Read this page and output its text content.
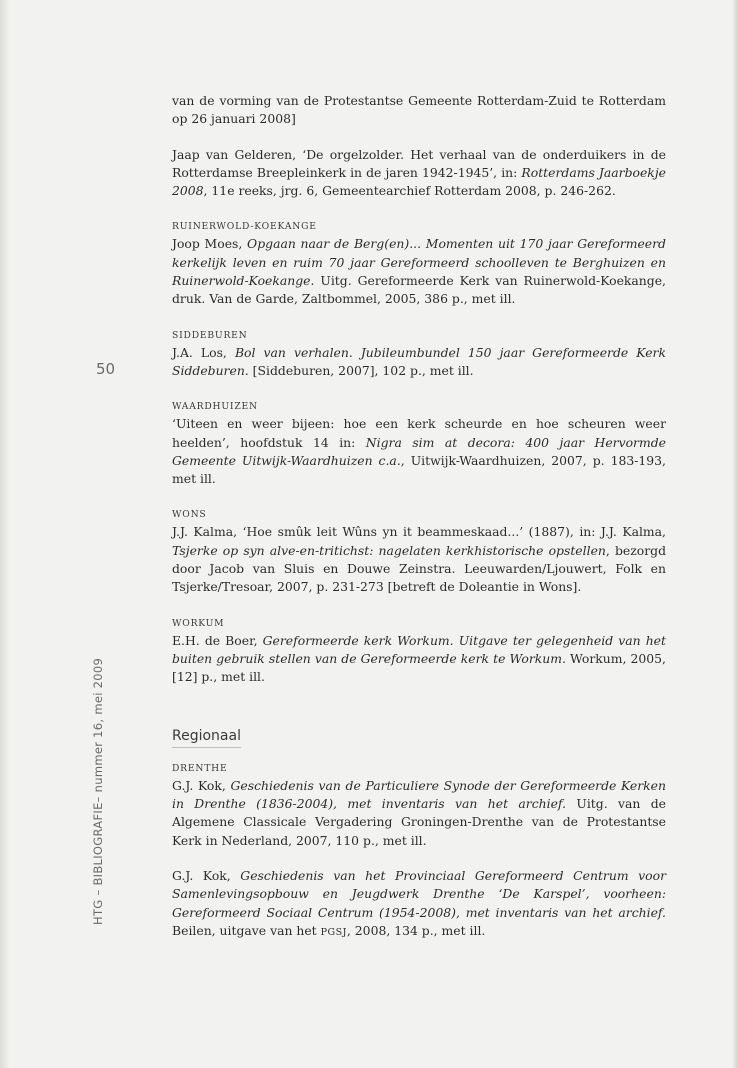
50
HTG – BIBLIOGRAFIE– nummer 16, mei 2009

van de vorming van de Protestantse Gemeente Rotterdam-Zuid te Rotterdam op 26 januari 2008]

Jaap van Gelderen, ‘De orgelzolder. Het verhaal van de onderduikers in de Rotterdamse Breepleinkerk in de jaren 1942-1945’, in: Rotterdams Jaarboekje 2008, 11e reeks, jrg. 6, Gemeentearchief Rotterdam 2008, p. 246-262.

RUINERWOLD-KOEKANGE

Joop Moes, Opgaan naar de Berg(en)... Momenten uit 170 jaar Gereformeerd kerkelijk leven en ruim 70 jaar Gereformeerd schoolleven te Berghuizen en Ruinerwold-Koekange. Uitg. Gereformeerde Kerk van Ruinerwold-Koekange, druk. Van de Garde, Zaltbommel, 2005, 386 p., met ill.

SIDDEBUREN

J.A. Los, Bol van verhalen. Jubileumbundel 150 jaar Gereformeerde Kerk Siddeburen. [Siddeburen, 2007], 102 p., met ill.

WAARDHUIZEN

‘Uiteen en weer bijeen: hoe een kerk scheurde en hoe scheuren weer heelden’, hoofdstuk 14 in: Nigra sim at decora: 400 jaar Hervormde Gemeente Uitwijk-Waardhuizen c.a., Uitwijk-Waardhuizen, 2007, p. 183-193, met ill.

WONS

J.J. Kalma, ‘Hoe smûk leit Wûns yn it beammeskaad...’ (1887), in: J.J. Kalma, Tsjerke op syn alve-en-tritichst: nagelaten kerkhistorische opstellen, bezorgd door Jacob van Sluis en Douwe Zeinstra. Leeuwarden/Ljouwert, Folk en Tsjerke/Tresoar, 2007, p. 231-273 [betreft de Doleantie in Wons].

WORKUM

E.H. de Boer, Gereformeerde kerk Workum. Uitgave ter gelegenheid van het buiten gebruik stellen van de Gereformeerde kerk te Workum. Workum, 2005, [12] p., met ill.

Regionaal
DRENTHE

G.J. Kok, Geschiedenis van de Particuliere Synode der Gereformeerde Kerken in Drenthe (1836-2004), met inventaris van het archief. Uitg. van de Algemene Classicale Vergadering Groningen-Drenthe van de Protestantse Kerk in Nederland, 2007, 110 p., met ill.

G.J. Kok, Geschiedenis van het Provinciaal Gereformeerd Centrum voor Samenlevingsopbouw en Jeugdwerk Drenthe ‘De Karspel’, voorheen: Gereformeerd Sociaal Centrum (1954-2008), met inventaris van het archief. Beilen, uitgave van het PGSJ, 2008, 134 p., met ill.
